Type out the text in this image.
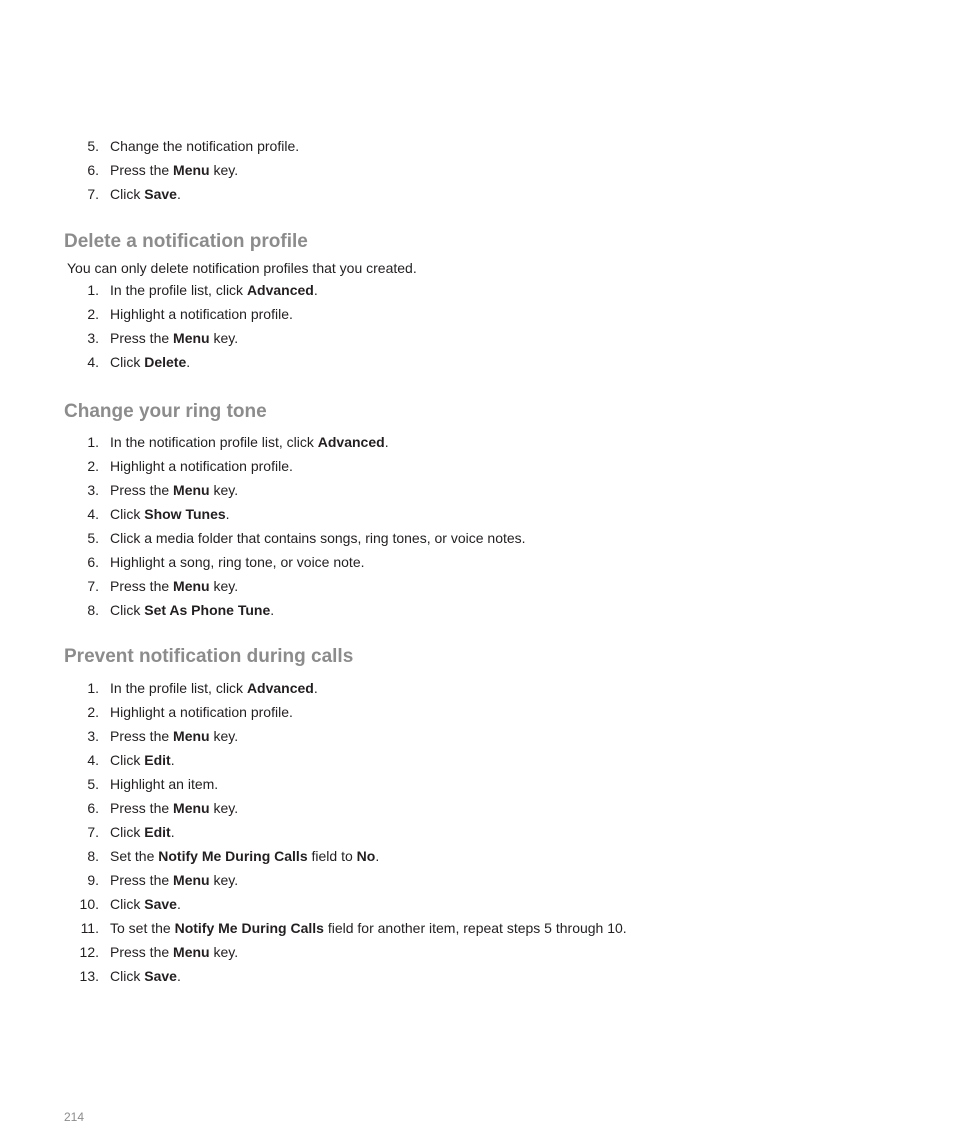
5. Change the notification profile.
6. Press the Menu key.
7. Click Save.
Delete a notification profile

You can only delete notification profiles that you created.

1. In the profile list, click Advanced.
2. Highlight a notification profile.
3. Press the Menu key.
4. Click Delete.
Change your ring tone
1. In the notification profile list, click Advanced.
2. Highlight a notification profile.
3. Press the Menu key.
4. Click Show Tunes.
5. Click a media folder that contains songs, ring tones, or voice notes.
6. Highlight a song, ring tone, or voice note.
7. Press the Menu key.
8. Click Set As Phone Tune.
Prevent notification during calls
1. In the profile list, click Advanced.
2. Highlight a notification profile.
3. Press the Menu key.
4. Click Edit.
5. Highlight an item.
6. Press the Menu key.
7. Click Edit.
8. Set the Notify Me During Calls field to No.
9. Press the Menu key.
10. Click Save.
11. To set the Notify Me During Calls field for another item, repeat steps 5 through 10.
12. Press the Menu key.
13. Click Save.
214
